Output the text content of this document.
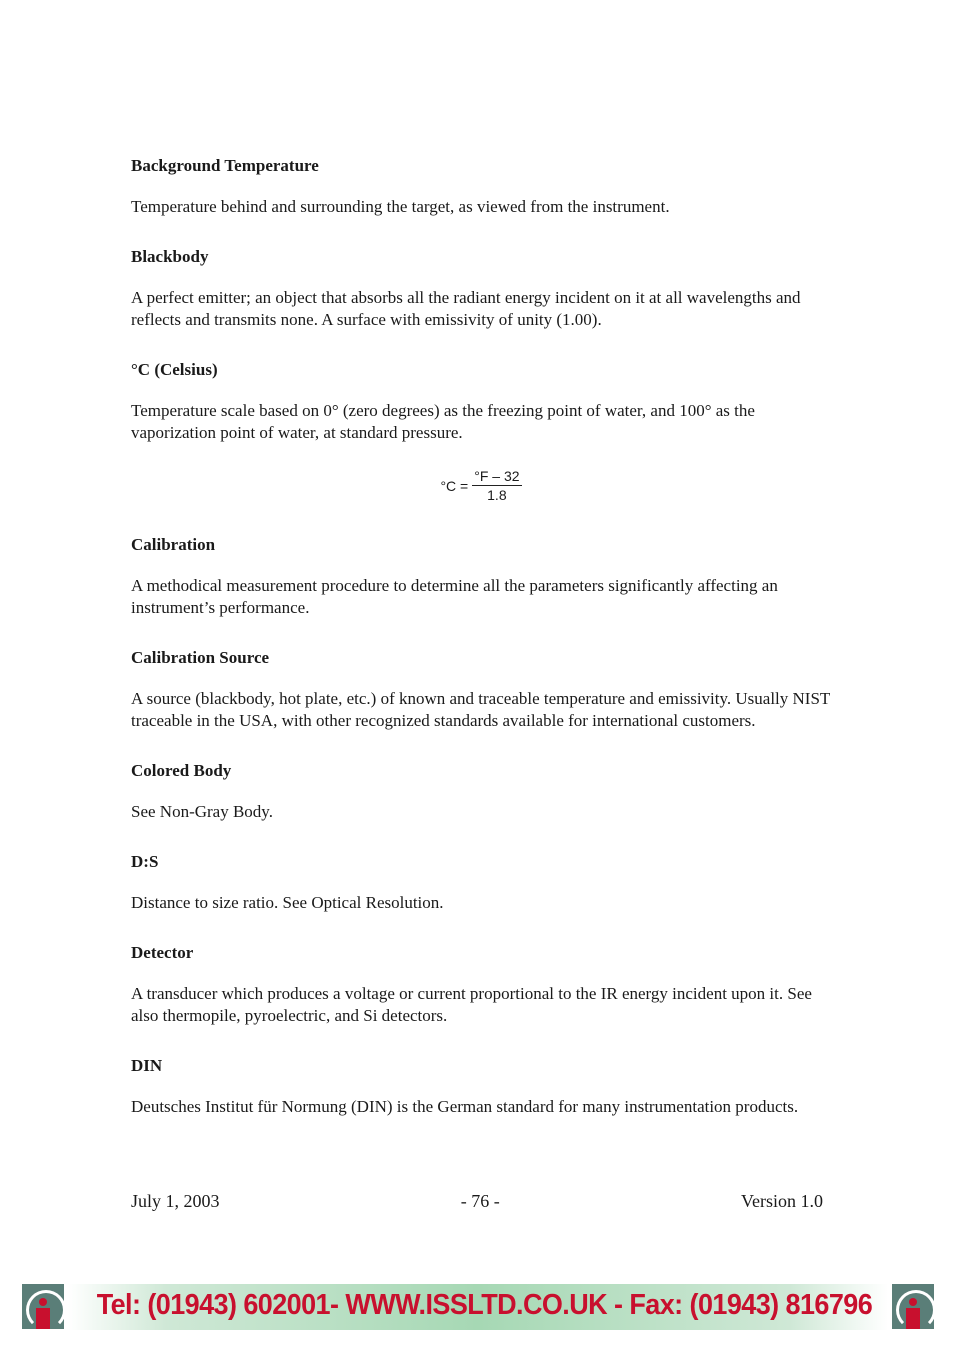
Background Temperature

Temperature behind and surrounding the target, as viewed from the instrument.

Blackbody

A perfect emitter; an object that absorbs all the radiant energy incident on it at all wavelengths and reflects and transmits none. A surface with emissivity of unity (1.00).

°C (Celsius)

Temperature scale based on 0° (zero degrees) as the freezing point of water, and 100° as the vaporization point of water, at standard pressure.

$^\circ C = \frac{^\circ F - 32}{1.8}$

Calibration

A methodical measurement procedure to determine all the parameters significantly affecting an instrument’s performance.

Calibration Source

A source (blackbody, hot plate, etc.) of known and traceable temperature and emissivity. Usually NIST traceable in the USA, with other recognized standards available for international customers.

Colored Body

See Non-Gray Body.

D:S

Distance to size ratio. See Optical Resolution.

Detector

A transducer which produces a voltage or current proportional to the IR energy incident upon it. See also thermopile, pyroelectric, and Si detectors.

DIN

Deutsches Institut für Normung (DIN) is the German standard for many instrumentation products.

July 1, 2003	- 76 -	Version 1.0
Tel: (01943) 602001- WWW.ISSLTD.CO.UK - Fax: (01943) 816796
